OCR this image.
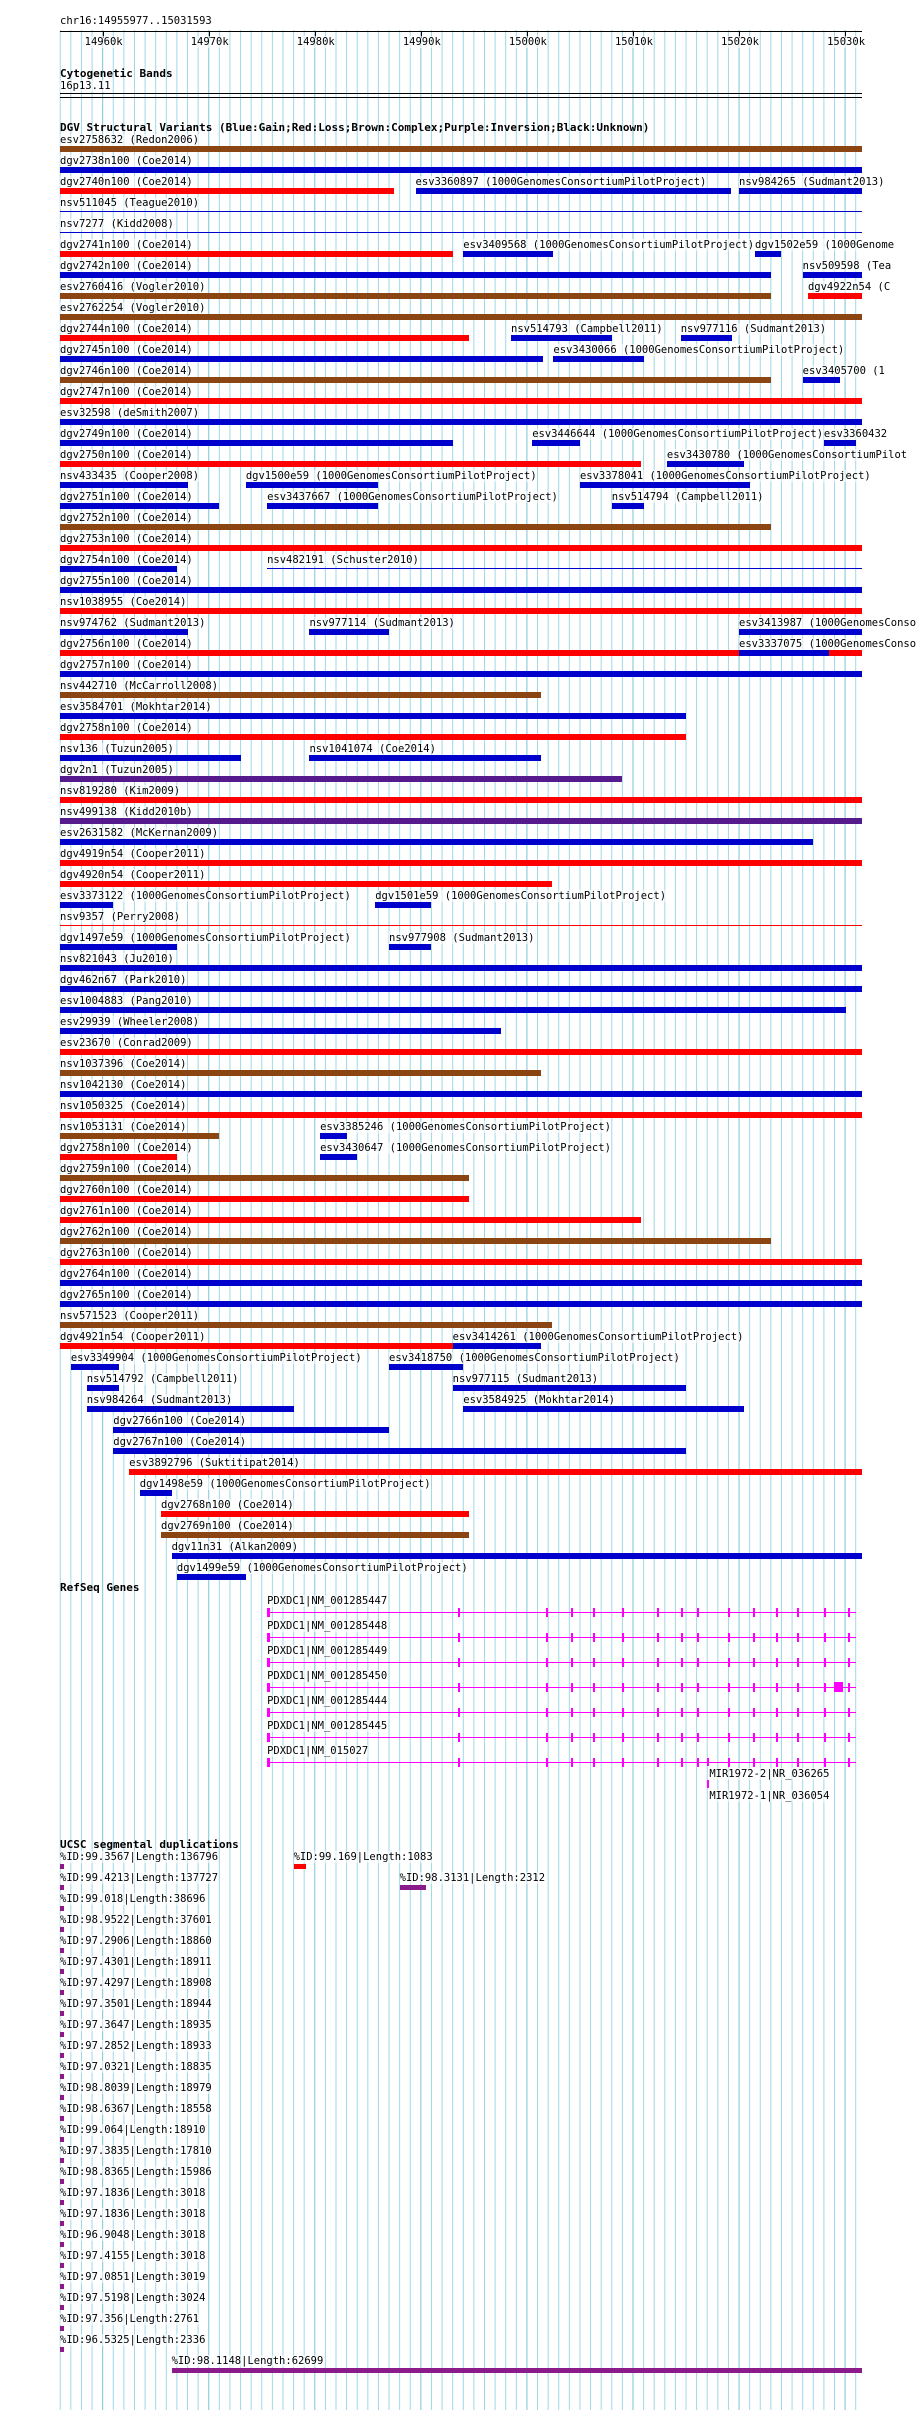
chr16:14955977..15031593
Cytogenetic Bands
16p13.11
DGV Structural Variants (Blue:Gain;Red:Loss;Brown:Complex;Purple:Inversion;Black:Unknown)
RefSeq Genes
UCSC segmental duplications
14960k	14970k	14980k	14990k	15000k	15010k	15020k	15030k
esv2758632 (Redon2006)
dgv2738n100 (Coe2014)
dgv2740n100 (Coe2014)	esv3360897 (1000GenomesConsortiumPilotProject)	nsv984265 (Sudmant2013)
nsv511045 (Teague2010)
nsv7277 (Kidd2008)
dgv2741n100 (Coe2014)	esv3409568 (1000GenomesConsortiumPilotProject) dgv1502e59 (1000Genome
dgv2742n100 (Coe2014)	nsv509598 (Tea
esv2760416 (Vogler2010)	dgv4922n54 (C
esv2762254 (Vogler2010)
dgv2744n100 (Coe2014)	nsv514793 (Campbell2011) nsv977116 (Sudmant2013)
dgv2745n100 (Coe2014)	esv3430066 (1000GenomesConsortiumPilotProject)
dgv2746n100 (Coe2014)	esv3405700 (1
dgv2747n100 (Coe2014)
esv32598 (deSmith2007)
dgv2749n100 (Coe2014)	esv3446644 (1000GenomesConsortiumPilotProject) esv3360432
dgv2750n100 (Coe2014)	esv3430780 (1000GenomesConsortiumPilot
nsv433435 (Cooper2008)	dgv1500e59 (1000GenomesConsortiumPilotProject)	esv3378041 (1000GenomesConsortiumPilotProject)
dgv2751n100 (Coe2014)	esv3437667 (1000GenomesConsortiumPilotProject)	nsv514794 (Campbell2011)
dgv2752n100 (Coe2014)
dgv2753n100 (Coe2014)
dgv2754n100 (Coe2014)	nsv482191 (Schuster2010)
dgv2755n100 (Coe2014)
nsv1038955 (Coe2014)
nsv974762 (Sudmant2013)	nsv977114 (Sudmant2013)	esv3413987 (1000GenomesConso
dgv2756n100 (Coe2014)	esv3337075 (1000GenomesConso
dgv2757n100 (Coe2014)
nsv442710 (McCarroll2008)
esv3584701 (Mokhtar2014)
dgv2758n100 (Coe2014)
nsv136 (Tuzun2005)	nsv1041074 (Coe2014)
dgv2n1 (Tuzun2005)
nsv819280 (Kim2009)
nsv499138 (Kidd2010b)
esv2631582 (McKernan2009)
dgv4919n54 (Cooper2011)
dgv4920n54 (Cooper2011)
esv3373122 (1000GenomesConsortiumPilotProject) dgv1501e59 (1000GenomesConsortiumPilotProject)
nsv9357 (Perry2008)
dgv1497e59 (1000GenomesConsortiumPilotProject)	nsv977908 (Sudmant2013)
nsv821043 (Ju2010)
dgv462n67 (Park2010)
esv1004883 (Pang2010)
esv29939 (Wheeler2008)
esv23670 (Conrad2009)
nsv1037396 (Coe2014)
nsv1042130 (Coe2014)
nsv1050325 (Coe2014)
nsv1053131 (Coe2014)	esv3385246 (1000GenomesConsortiumPilotProject)
dgv2758n100 (Coe2014)	esv3430647 (1000GenomesConsortiumPilotProject)
dgv2759n100 (Coe2014)
dgv2760n100 (Coe2014)
dgv2761n100 (Coe2014)
dgv2762n100 (Coe2014)
dgv2763n100 (Coe2014)
dgv2764n100 (Coe2014)
dgv2765n100 (Coe2014)
nsv571523 (Cooper2011)
dgv4921n54 (Cooper2011)	esv3414261 (1000GenomesConsortiumPilotProject)
esv3349904 (1000GenomesConsortiumPilotProject)	esv3418750 (1000GenomesConsortiumPilotProject)
nsv514792 (Campbell2011)	nsv977115 (Sudmant2013)
nsv984264 (Sudmant2013)	esv3584925 (Mokhtar2014)
dgv2766n100 (Coe2014)
dgv2767n100 (Coe2014)
esv3892796 (Suktitipat2014)
dgv1498e59 (1000GenomesConsortiumPilotProject)
dgv2768n100 (Coe2014)
dgv2769n100 (Coe2014)
dgv11n31 (Alkan2009)
dgv1499e59 (1000GenomesConsortiumPilotProject)
PDXDC1|NM_001285447
PDXDC1|NM_001285448
PDXDC1|NM_001285449
PDXDC1|NM_001285450
PDXDC1|NM_001285444
PDXDC1|NM_001285445
PDXDC1|NM_015027
MIR1972-2|NR_036265
MIR1972-1|NR_036054
%ID:99.3567|Length:136796	%ID:99.169|Length:1083
%ID:99.4213|Length:137727	%ID:98.3131|Length:2312
%ID:99.018|Length:38696
%ID:98.9522|Length:37601
%ID:97.2906|Length:18860
%ID:97.4301|Length:18911
%ID:97.4297|Length:18908
%ID:97.3501|Length:18944
%ID:97.3647|Length:18935
%ID:97.2852|Length:18933
%ID:97.0321|Length:18835
%ID:98.8039|Length:18979
%ID:98.6367|Length:18558
%ID:99.064|Length:18910
%ID:97.3835|Length:17810
%ID:98.8365|Length:15986
%ID:97.1836|Length:3018
%ID:97.1836|Length:3018
%ID:96.9048|Length:3018
%ID:97.4155|Length:3018
%ID:97.0851|Length:3019
%ID:97.5198|Length:3024
%ID:97.356|Length:2761
%ID:96.5325|Length:2336
%ID:98.1148|Length:62699
